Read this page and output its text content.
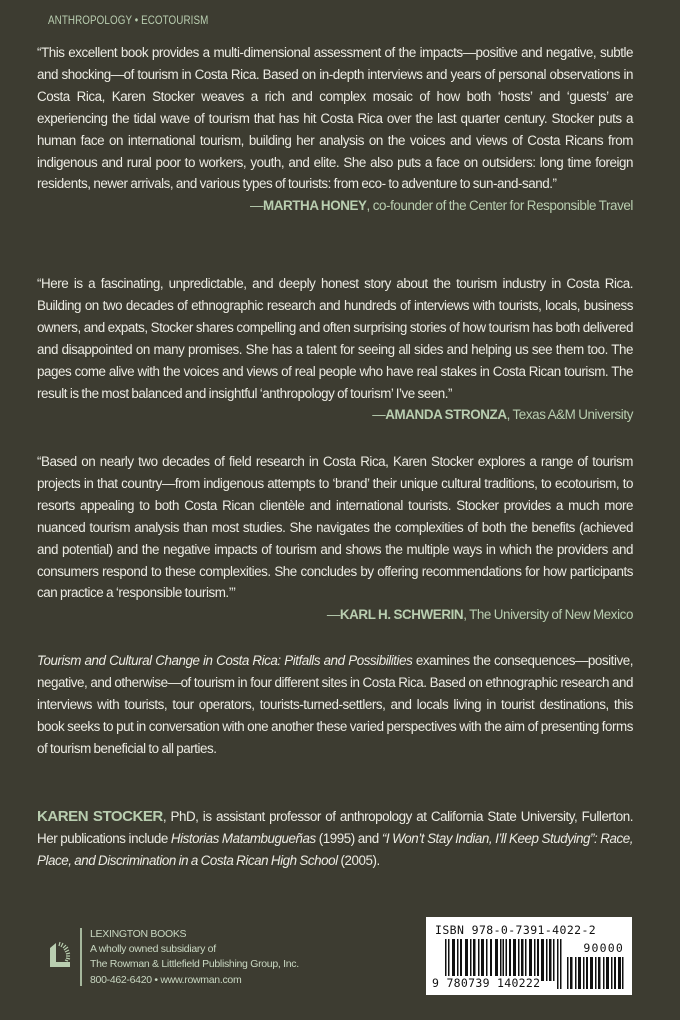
ANTHROPOLOGY • ECOTOURISM
“This excellent book provides a multi-dimensional assessment of the impacts—positive and negative, subtle and shocking—of tourism in Costa Rica. Based on in-depth interviews and years of personal observations in Costa Rica, Karen Stocker weaves a rich and complex mosaic of how both ‘hosts’ and ‘guests’ are experiencing the tidal wave of tourism that has hit Costa Rica over the last quarter century. Stocker puts a human face on international tourism, building her analysis on the voices and views of Costa Ricans from indigenous and rural poor to workers, youth, and elite. She also puts a face on outsiders: long time foreign residents, newer arrivals, and various types of tourists: from eco- to adventure to sun-and-sand.”
—MARTHA HONEY, co-founder of the Center for Responsible Travel
“Here is a fascinating, unpredictable, and deeply honest story about the tourism industry in Costa Rica. Building on two decades of ethnographic research and hundreds of interviews with tourists, locals, business owners, and expats, Stocker shares compelling and often surprising stories of how tourism has both delivered and disappointed on many promises. She has a talent for seeing all sides and helping us see them too. The pages come alive with the voices and views of real people who have real stakes in Costa Rican tourism. The result is the most balanced and insightful ‘anthropology of tourism’ I’ve seen.”
—AMANDA STRONZA, Texas A&M University
“Based on nearly two decades of field research in Costa Rica, Karen Stocker explores a range of tourism projects in that country—from indigenous attempts to ‘brand’ their unique cultural traditions, to ecotourism, to resorts appealing to both Costa Rican clientèle and international tourists. Stocker provides a much more nuanced tourism analysis than most studies. She navigates the complexities of both the benefits (achieved and potential) and the negative impacts of tourism and shows the multiple ways in which the providers and consumers respond to these complexities. She concludes by offering recommendations for how participants can practice a ‘responsible tourism.’”
—KARL H. SCHWERIN, The University of New Mexico
Tourism and Cultural Change in Costa Rica: Pitfalls and Possibilities examines the consequences—positive, negative, and otherwise—of tourism in four different sites in Costa Rica. Based on ethnographic research and interviews with tourists, tour operators, tourists-turned-settlers, and locals living in tourist destinations, this book seeks to put in conversation with one another these varied perspectives with the aim of presenting forms of tourism beneficial to all parties.
KAREN STOCKER, PhD, is assistant professor of anthropology at California State University, Fullerton. Her publications include Historias Matambugueñas (1995) and “I Won’t Stay Indian, I’ll Keep Studying”: Race, Place, and Discrimination in a Costa Rican High School (2005).
LEXINGTON BOOKS
A wholly owned subsidiary of
The Rowman & Littlefield Publishing Group, Inc.
800-462-6420 • www.rowman.com
ISBN 978-0-7391-4022-2
90000
9 780739 140222
